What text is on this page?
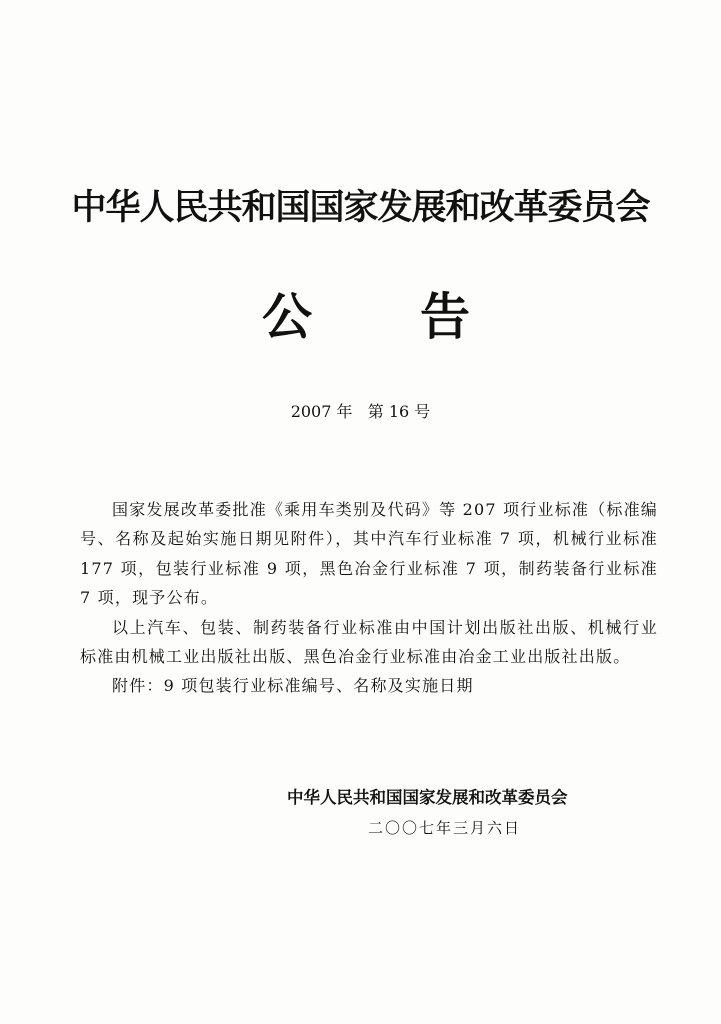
中华人民共和国国家发展和改革委员会
公 告
2007 年   第 16 号

国家发展改革委批准《乘用车类别及代码》等 207 项行业标准（标准编号、名称及起始实施日期见附件），其中汽车行业标准 7 项，机械行业标准 177 项，包装行业标准 9 项，黑色冶金行业标准 7 项，制药装备行业标准 7 项，现予公布。

以上汽车、包装、制药装备行业标准由中国计划出版社出版、机械行业标准由机械工业出版社出版、黑色冶金行业标准由冶金工业出版社出版。

附件：9 项包装行业标准编号、名称及实施日期

中华人民共和国国家发展和改革委员会
二〇〇七年三月六日
